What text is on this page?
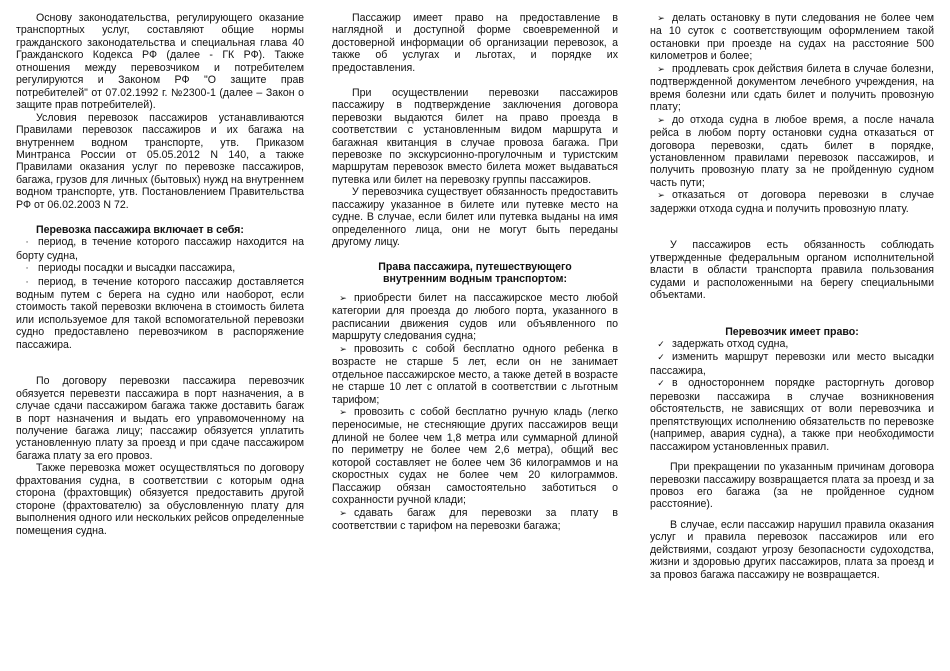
Основу законодательства, регулирующего оказание транспортных услуг, составляют общие нормы гражданского законодательства и специальная глава 40 Гражданского Кодекса РФ (далее - ГК РФ). Также отношения между перевозчиком и потребителем регулируются и Законом РФ "О защите прав потребителей" от 07.02.1992 г. №2300-1 (далее – Закон о защите прав потребителей).

Условия перевозок пассажиров устанавливаются Правилами перевозок пассажиров и их багажа на внутреннем водном транспорте, утв. Приказом Минтранса России от 05.05.2012 N 140, а также Правилами оказания услуг по перевозке пассажиров, багажа, грузов для личных (бытовых) нужд на внутреннем водном транспорте, утв. Постановлением Правительства РФ от 06.02.2003 N 72.

Перевозка пассажира включает в себя:

· период, в течение которого пассажир находится на борту судна,

· периоды посадки и высадки пассажира,

· период, в течение которого пассажир доставляется водным путем с берега на судно или наоборот, если стоимость такой перевозки включена в стоимость билета или используемое для такой вспомогательной перевозки судно предоставлено перевозчиком в распоряжение пассажира.

По договору перевозки пассажира перевозчик обязуется перевезти пассажира в порт назначения, а в случае сдачи пассажиром багажа также доставить багаж в порт назначения и выдать его управомоченному на получение багажа лицу; пассажир обязуется уплатить установленную плату за проезд и при сдаче пассажиром багажа плату за его провоз.

Также перевозка может осуществляться по договору фрахтования судна, в соответствии с которым одна сторона (фрахтовщик) обязуется предоставить другой стороне (фрахтователю) за обусловленную плату для выполнения одного или нескольких рейсов определенные помещения судна.

Пассажир имеет право на предоставление в наглядной и доступной форме своевременной и достоверной информации об организации перевозок, а также об услугах и льготах, и порядке их предоставления.

При осуществлении перевозки пассажиров пассажиру в подтверждение заключения договора перевозки выдаются билет на право проезда в соответствии с установленным видом маршрута и багажная квитанция в случае провоза багажа. При перевозке по экскурсионно-прогулочным и туристским маршрутам перевозок вместо билета может выдаваться путевка или билет на перевозку группы пассажиров.

У перевозчика существует обязанность предоставить пассажиру указанное в билете или путевке место на судне. В случае, если билет или путевка выданы на имя определенного лица, они не могут быть переданы другому лицу.

Права пассажира, путешествующего

внутренним водным транспортом:

➢ приобрести билет на пассажирское место любой категории для проезда до любого порта, указанного в расписании движения судов или объявленного по маршруту следования судна;

➢ провозить с собой бесплатно одного ребенка в возрасте не старше 5 лет, если он не занимает отдельное пассажирское место, а также детей в возрасте не старше 10 лет с оплатой в соответствии с льготным тарифом;

➢ провозить с собой бесплатно ручную кладь (легко переносимые, не стесняющие других пассажиров вещи длиной не более чем 1,8 метра или суммарной длиной по периметру не более чем 2,6 метра), общий вес которой составляет не более чем 36 килограммов и на скоростных судах не более чем 20 килограммов. Пассажир обязан самостоятельно заботиться о сохранности ручной клади;

➢ сдавать багаж для перевозки за плату в соответствии с тарифом на перевозки багажа;

➢ делать остановку в пути следования не более чем на 10 суток с соответствующим оформлением такой остановки при проезде на судах на расстояние 500 километров и более;

➢ продлевать срок действия билета в случае болезни, подтвержденной документом лечебного учреждения, на время болезни или сдать билет и получить провозную плату;

➢ до отхода судна в любое время, а после начала рейса в любом порту остановки судна отказаться от договора перевозки, сдать билет в порядке, установленном правилами перевозок пассажиров, и получить провозную плату за не пройденную судном часть пути;

➢ отказаться от договора перевозки в случае задержки отхода судна и получить провозную плату.

У пассажиров есть обязанность соблюдать утвержденные федеральным органом исполнительной власти в области транспорта правила пользования судами и расположенными на берегу специальными объектами.

Перевозчик имеет право:

✓ задержать отход судна,

✓ изменить маршрут перевозки или место высадки пассажира,

✓ в одностороннем порядке расторгнуть договор перевозки пассажира в случае возникновения обстоятельств, не зависящих от воли перевозчика и препятствующих исполнению обязательств по перевозке (например, авария судна), а также при необходимости пассажиром установленных правил.

При прекращении по указанным причинам договора перевозки пассажиру возвращается плата за проезд и за провоз его багажа (за не пройденное судном расстояние).

В случае, если пассажир нарушил правила оказания услуг и правила перевозок пассажиров или его действиями, создают угрозу безопасности судоходства, жизни и здоровью других пассажиров, плата за проезд и за провоз багажа пассажиру не возвращается.
